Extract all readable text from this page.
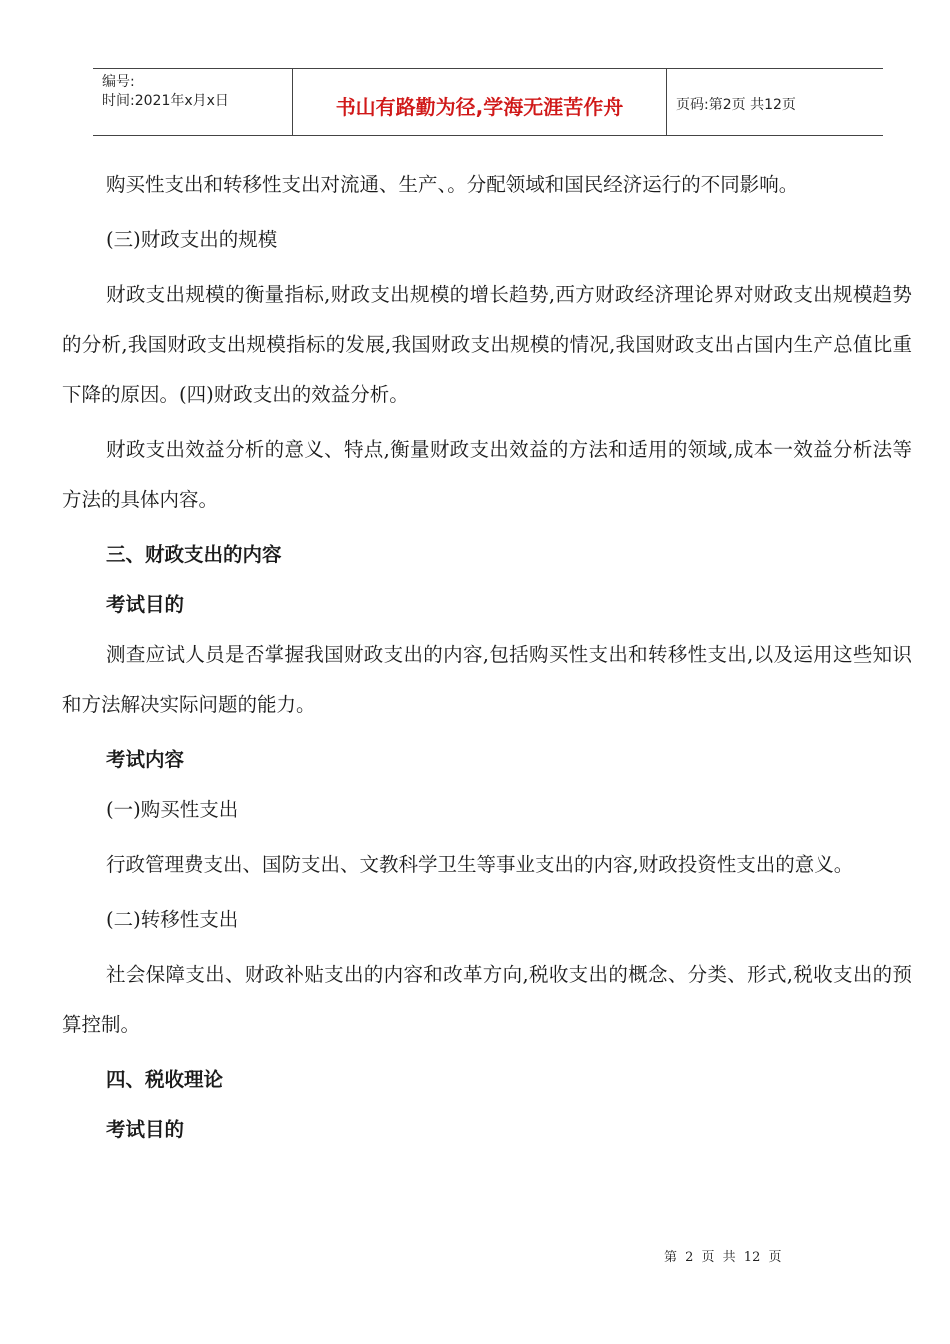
编号:
时间:2021年x月x日	书山有路勤为径,学海无涯苦作舟	页码:第2页 共12页

购买性支出和转移性支出对流通、生产、。分配领域和国民经济运行的不同影响。

(三)财政支出的规模

财政支出规模的衡量指标,财政支出规模的增长趋势,西方财政经济理论界对财政支出规模趋势的分析,我国财政支出规模指标的发展,我国财政支出规模的情况,我国财政支出占国内生产总值比重下降的原因。(四)财政支出的效益分析。

财政支出效益分析的意义、特点,衡量财政支出效益的方法和适用的领域,成本一效益分析法等方法的具体内容。

三、财政支出的内容
考试目的

测查应试人员是否掌握我国财政支出的内容,包括购买性支出和转移性支出,以及运用这些知识和方法解决实际问题的能力。

考试内容

(一)购买性支出

行政管理费支出、国防支出、文教科学卫生等事业支出的内容,财政投资性支出的意义。

(二)转移性支出

社会保障支出、财政补贴支出的内容和改革方向,税收支出的概念、分类、形式,税收支出的预算控制。

四、税收理论
考试目的
第 2 页 共 12 页
